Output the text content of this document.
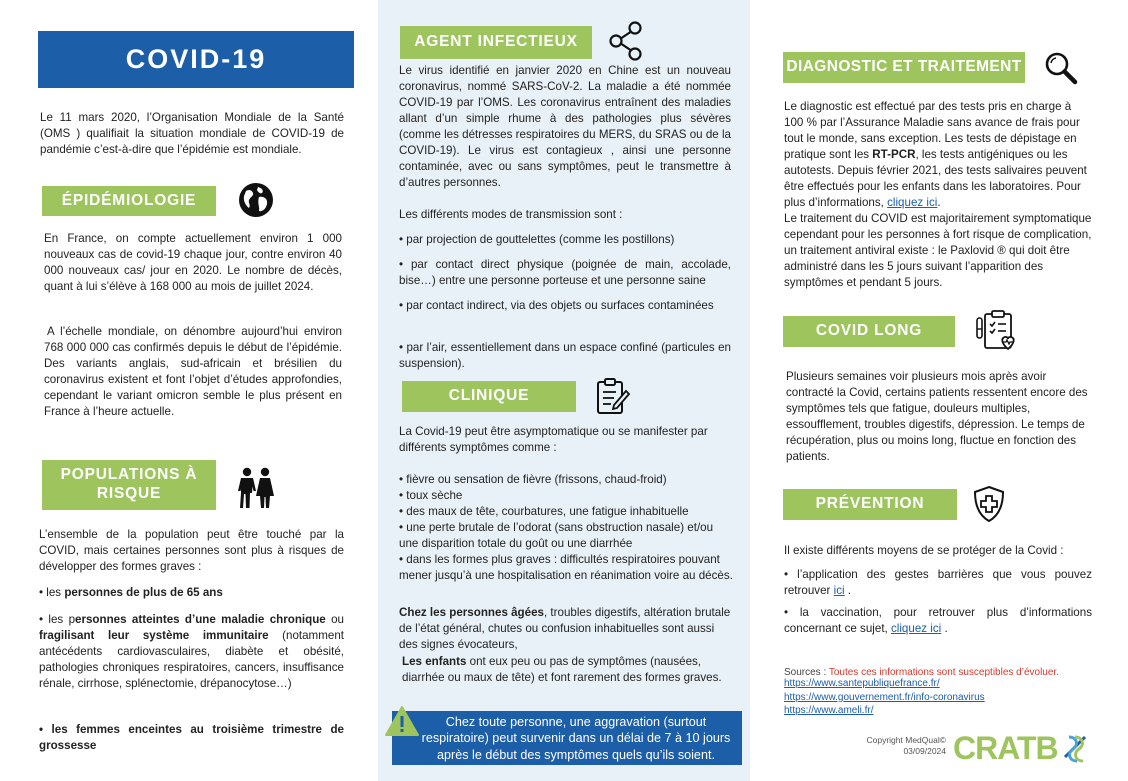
COVID-19
Le 11 mars 2020, l’Organisation Mondiale de la Santé (OMS ) qualifiait la situation mondiale de COVID-19 de pandémie c’est-à-dire que l’épidémie est mondiale.
ÉPIDÉMIOLOGIE
En France, on compte actuellement environ 1 000 nouveaux cas de covid-19 chaque jour, contre environ 40 000 nouveaux cas/ jour en 2020. Le nombre de décès, quant à lui s’élève à 168 000 au mois de juillet 2024.
A l’échelle mondiale, on dénombre aujourd’hui environ 768 000 000 cas confirmés depuis le début de l’épidémie. Des variants anglais, sud-africain et brésilien du coronavirus existent et font l’objet d’études approfondies, cependant le variant omicron semble le plus présent en France à l’heure actuelle.
POPULATIONS À RISQUE
L’ensemble de la population peut être touché par la COVID, mais certaines personnes sont plus à risques de développer des formes graves :
• les personnes de plus de 65 ans
• les personnes atteintes d’une maladie chronique ou fragilisant leur système immunitaire (notamment antécédents cardiovasculaires, diabète et obésité, pathologies chroniques respiratoires, cancers, insuffisance rénale, cirrhose, splénectomie, drépanocytose…)
• les femmes enceintes au troisième trimestre de grossesse
AGENT INFECTIEUX
Le virus identifié en janvier 2020 en Chine est un nouveau coronavirus, nommé SARS-CoV-2. La maladie a été nommée COVID-19 par l’OMS. Les coronavirus entraînent des maladies allant d’un simple rhume à des pathologies plus sévères (comme les détresses respiratoires du MERS, du SRAS ou de la COVID-19). Le virus est contagieux , ainsi une personne contaminée, avec ou sans symptômes, peut le transmettre à d’autres personnes.
Les différents modes de transmission sont :
• par projection de gouttelettes (comme les postillons)
• par contact direct physique (poignée de main, accolade, bise…) entre une personne porteuse et une personne saine
• par contact indirect, via des objets ou surfaces contaminées
• par l’air, essentiellement dans un espace confiné (particules en suspension).
CLINIQUE
La Covid-19 peut être asymptomatique ou se manifester par différents symptômes comme :
• fièvre ou sensation de fièvre (frissons, chaud-froid)
• toux sèche
• des maux de tête, courbatures, une fatigue inhabituelle
• une perte brutale de l’odorat (sans obstruction nasale) et/ou une disparition totale du goût ou une diarrhée
• dans les formes plus graves : difficultés respiratoires pouvant mener jusqu’à une hospitalisation en réanimation voire au décès.
Chez les personnes âgées, troubles digestifs, altération brutale de l’état général, chutes ou confusion inhabituelles sont aussi des signes évocateurs,
Les enfants ont eux peu ou pas de symptômes (nausées, diarrhée ou maux de tête) et font rarement des formes graves.
Chez toute personne, une aggravation (surtout respiratoire) peut survenir dans un délai de 7 à 10 jours après le début des symptômes quels qu’ils soient.
DIAGNOSTIC ET TRAITEMENT
Le diagnostic est effectué par des tests pris en charge à 100 % par l’Assurance Maladie sans avance de frais pour tout le monde, sans exception. Les tests de dépistage en pratique sont les RT-PCR, les tests antigéniques ou les autotests. Depuis février 2021, des tests salivaires peuvent être effectués pour les enfants dans les laboratoires. Pour plus d’informations, cliquez ici.
Le traitement du COVID est majoritairement symptomatique cependant pour les personnes à fort risque de complication, un traitement antiviral existe : le Paxlovid ® qui doit être administré dans les 5 jours suivant l’apparition des symptômes et pendant 5 jours.
COVID LONG
Plusieurs semaines voir plusieurs mois après avoir contracté la Covid, certains patients ressentent encore des symptômes tels que fatigue, douleurs multiples, essoufflement, troubles digestifs, dépression. Le temps de récupération, plus ou moins long, fluctue en fonction des patients.
PRÉVENTION
Il existe différents moyens de se protéger de la Covid :
• l’application des gestes barrières que vous pouvez retrouver ici .
• la vaccination, pour retrouver plus d’informations concernant ce sujet, cliquez ici .
Sources : Toutes ces informations sont susceptibles d’évoluer.
https://www.santepubliquefrance.fr/
https://www.gouvernement.fr/info-coronavirus
https://www.ameli.fr/
Copyright MedQual©
03/09/2024 CRATB
